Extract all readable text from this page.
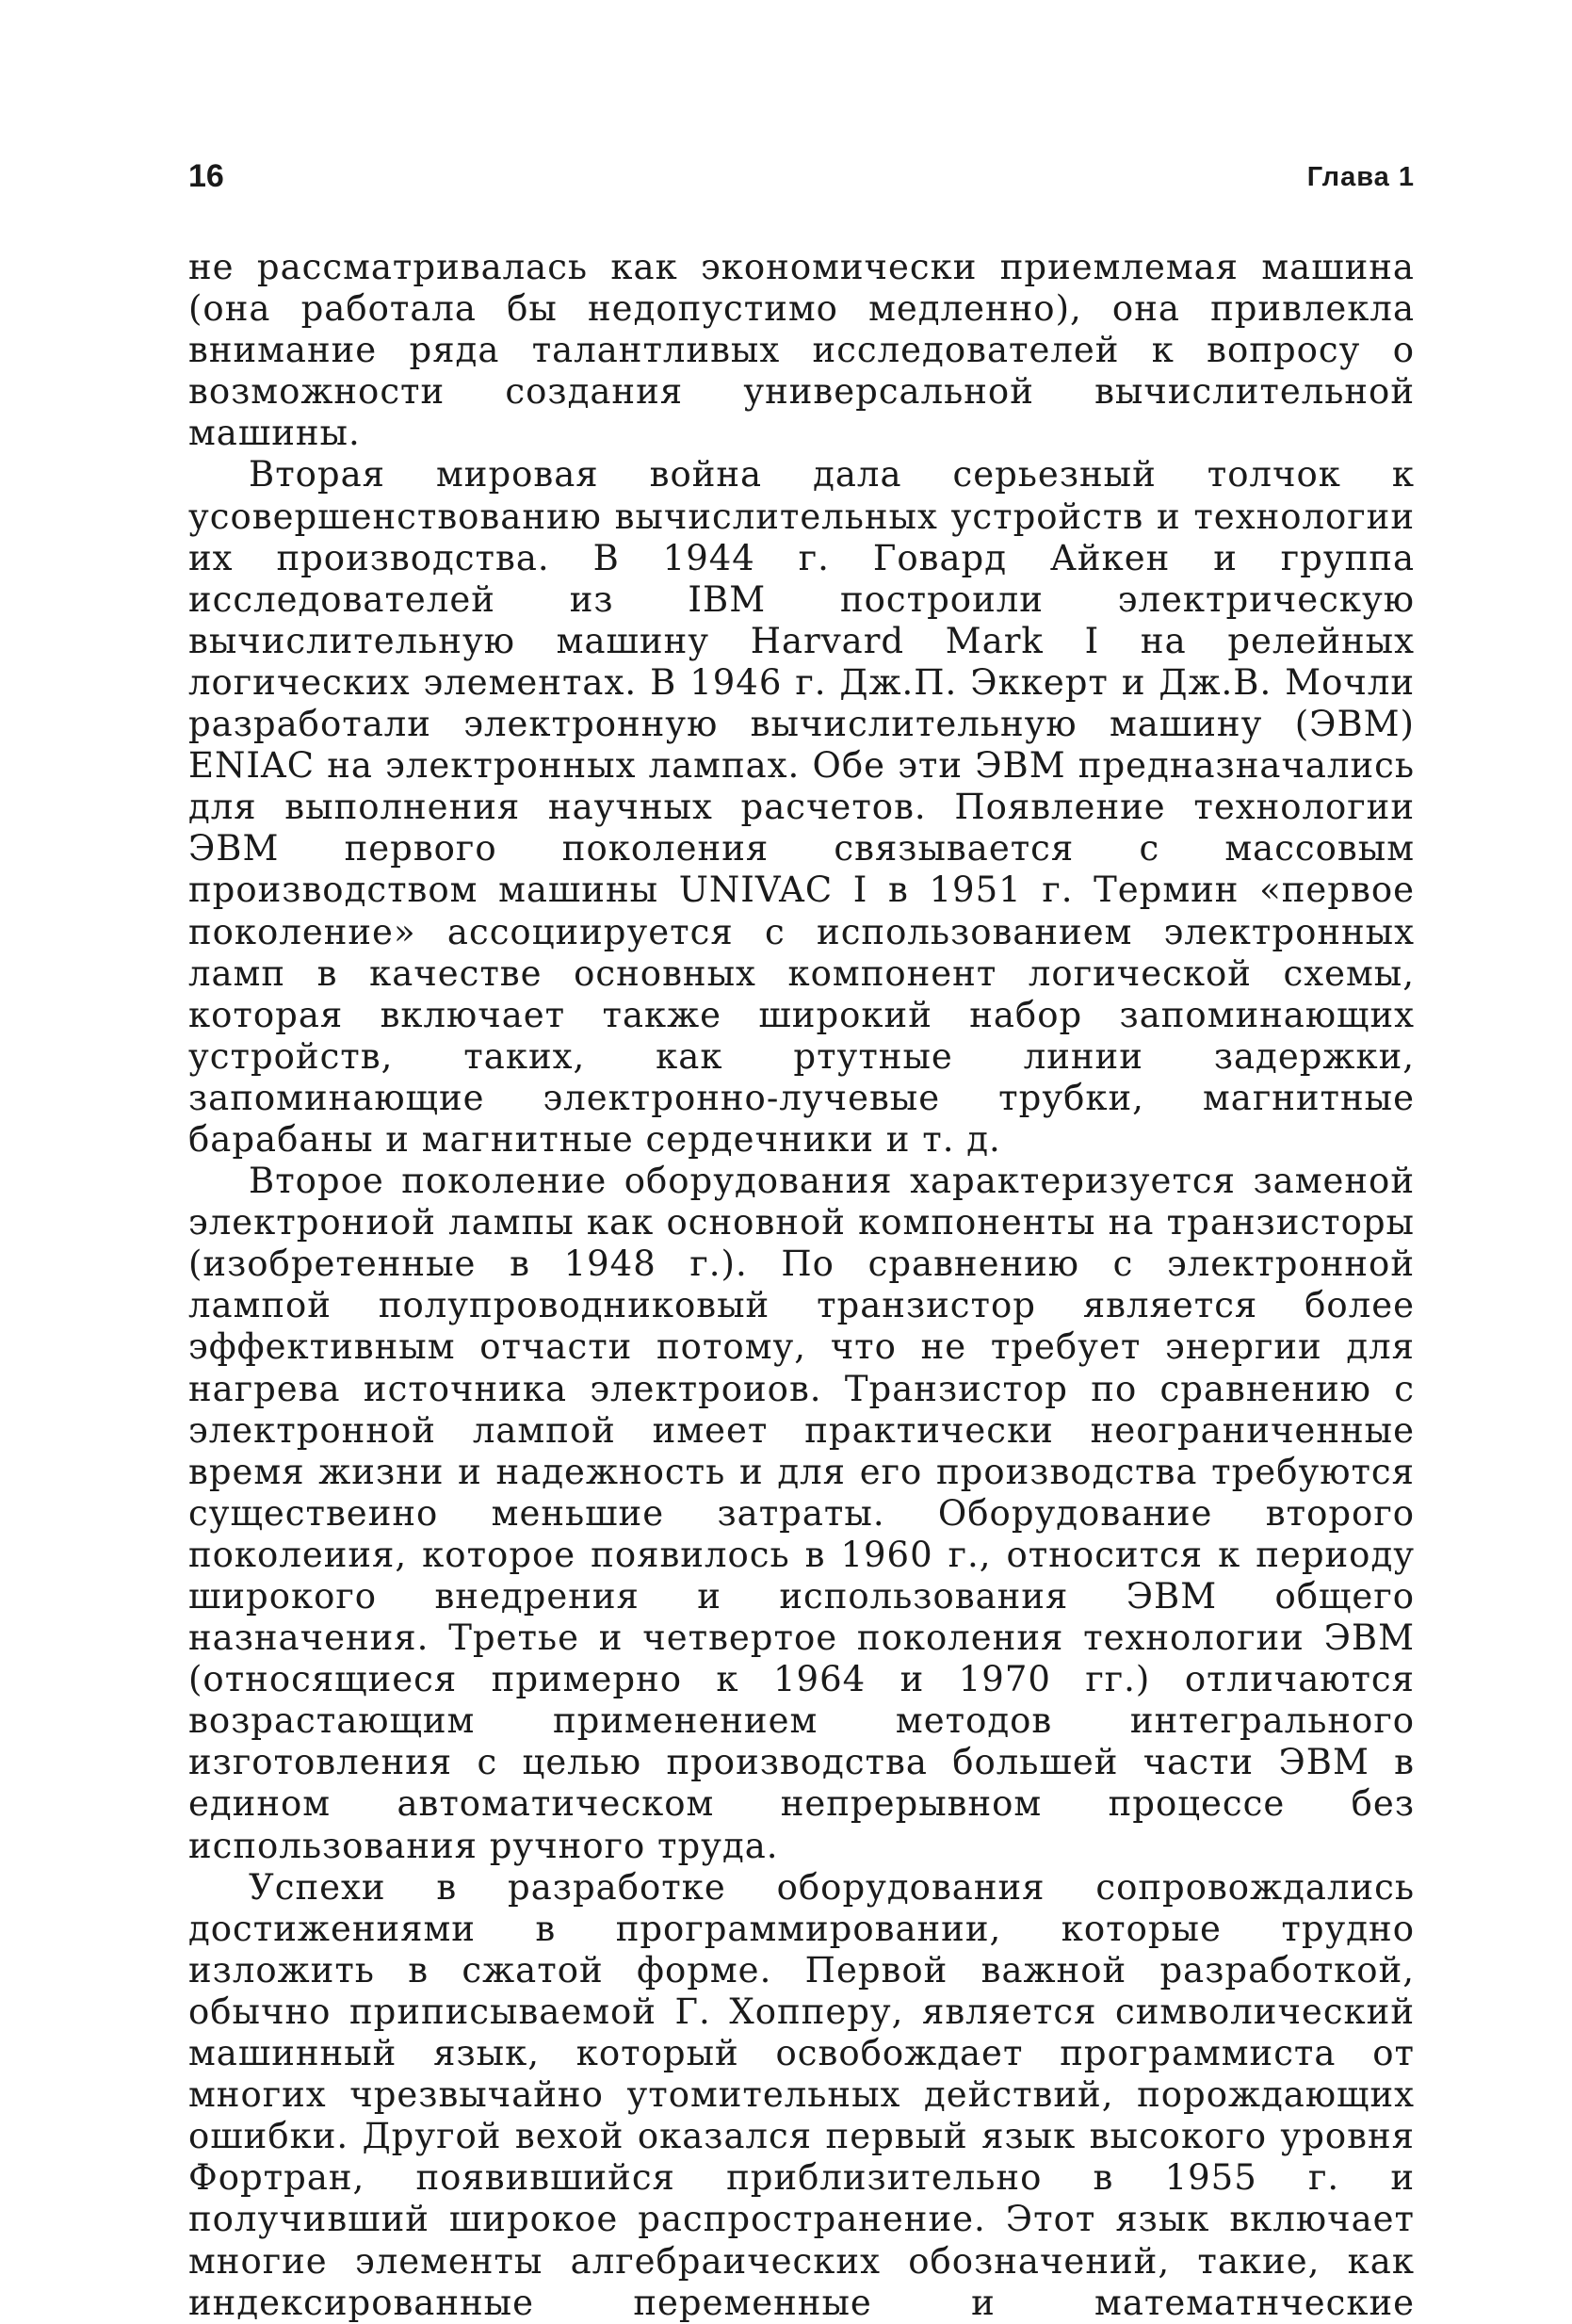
16	Глава 1

не рассматривалась как экономически приемлемая машина (она работала бы недопустимо медленно), она привлекла внимание ряда талантливых исследователей к вопросу о возможности создания универсальной вычислительной машины.

Вторая мировая война дала серьезный толчок к усовершенствованию вычислительных устройств и технологии их производства. В 1944 г. Говард Айкен и группа исследователей из IBM построили электрическую вычислительную машину Harvard Mark I на релейных логических элементах. В 1946 г. Дж.П. Эккерт и Дж.В. Мочли разработали электронную вычислительную машину (ЭВМ) ENIAC на электронных лампах. Обе эти ЭВМ предназначались для выполнения научных расчетов. Появление технологии ЭВМ первого поколения связывается с массовым производством машины UNIVAC I в 1951 г. Термин «первое поколение» ассоциируется с использованием электронных ламп в качестве основных компонент логической схемы, которая включает также широкий набор запоминающих устройств, таких, как ртутные линии задержки, запоминающие электронно-лучевые трубки, магнитные барабаны и магнитные сердечники и т. д.

Второе поколение оборудования характеризуется заменой электрониой лампы как основной компоненты на транзисторы (изобретенные в 1948 г.). По сравнению с электронной лампой полупроводниковый транзистор является более эффективным отчасти потому, что не требует энергии для нагрева источника электроиов. Транзистор по сравнению с электронной лампой имеет практически неограниченные время жизни и надежность и для его производства требуются существеино меньшие затраты. Оборудование второго поколеиия, которое появилось в 1960 г., относится к периоду широкого внедрения и использования ЭВМ общего назначения. Третье и четвертое поколения технологии ЭВМ (относящиеся примерно к 1964 и 1970 гг.) отличаются возрастающим применением методов интегрального изготовления с целью производства большей части ЭВМ в едином автоматическом непрерывном процессе без использования ручного труда.

Успехи в разработке оборудования сопровождались достижениями в программировании, которые трудно изложить в сжатой форме. Первой важной разработкой, обычно приписываемой Г. Хопперу, является символический машинный язык, который освобождает программиста от многих чрезвычайно утомительных действий, порождающих ошибки. Другой вехой оказался первый язык высокого уровня Фортран, появившийся приблизительно в 1955 г. и получивший широкое распространение. Этот язык включает многие элементы алгебраических обозначений, такие, как индексированные переменные и математнческие
